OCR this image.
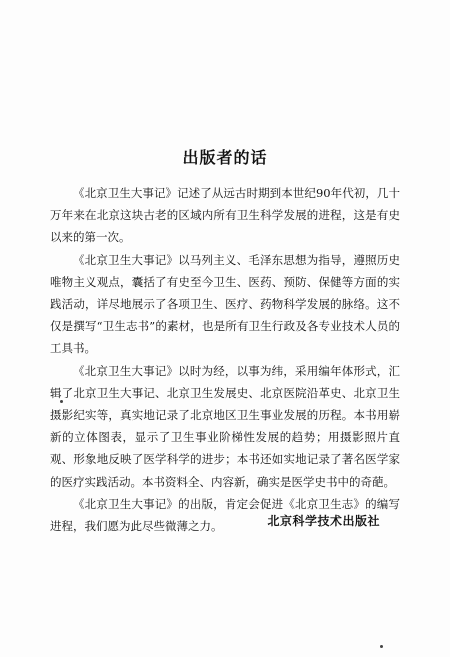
出版者的话

《北京卫生大事记》记述了从远古时期到本世纪90年代初，几十万年来在北京这块古老的区域内所有卫生科学发展的进程，这是有史以来的第一次。

《北京卫生大事记》以马列主义、毛泽东思想为指导，遵照历史唯物主义观点，囊括了有史至今卫生、医药、预防、保健等方面的实践活动，详尽地展示了各项卫生、医疗、药物科学发展的脉络。这不仅是撰写“卫生志书”的素材，也是所有卫生行政及各专业技术人员的工具书。

《北京卫生大事记》以时为经，以事为纬，采用编年体形式，汇辑了北京卫生大事记、北京卫生发展史、北京医院沿革史、北京卫生摄影纪实等，真实地记录了北京地区卫生事业发展的历程。本书用崭新的立体图表，显示了卫生事业阶梯性发展的趋势；用摄影照片直观、形象地反映了医学科学的进步；本书还如实地记录了著名医学家的医疗实践活动。本书资料全、内容新，确实是医学史书中的奇葩。

《北京卫生大事记》的出版，肯定会促进《北京卫生志》的编写进程，我们愿为此尽些微薄之力。	北京科学技术出版社
